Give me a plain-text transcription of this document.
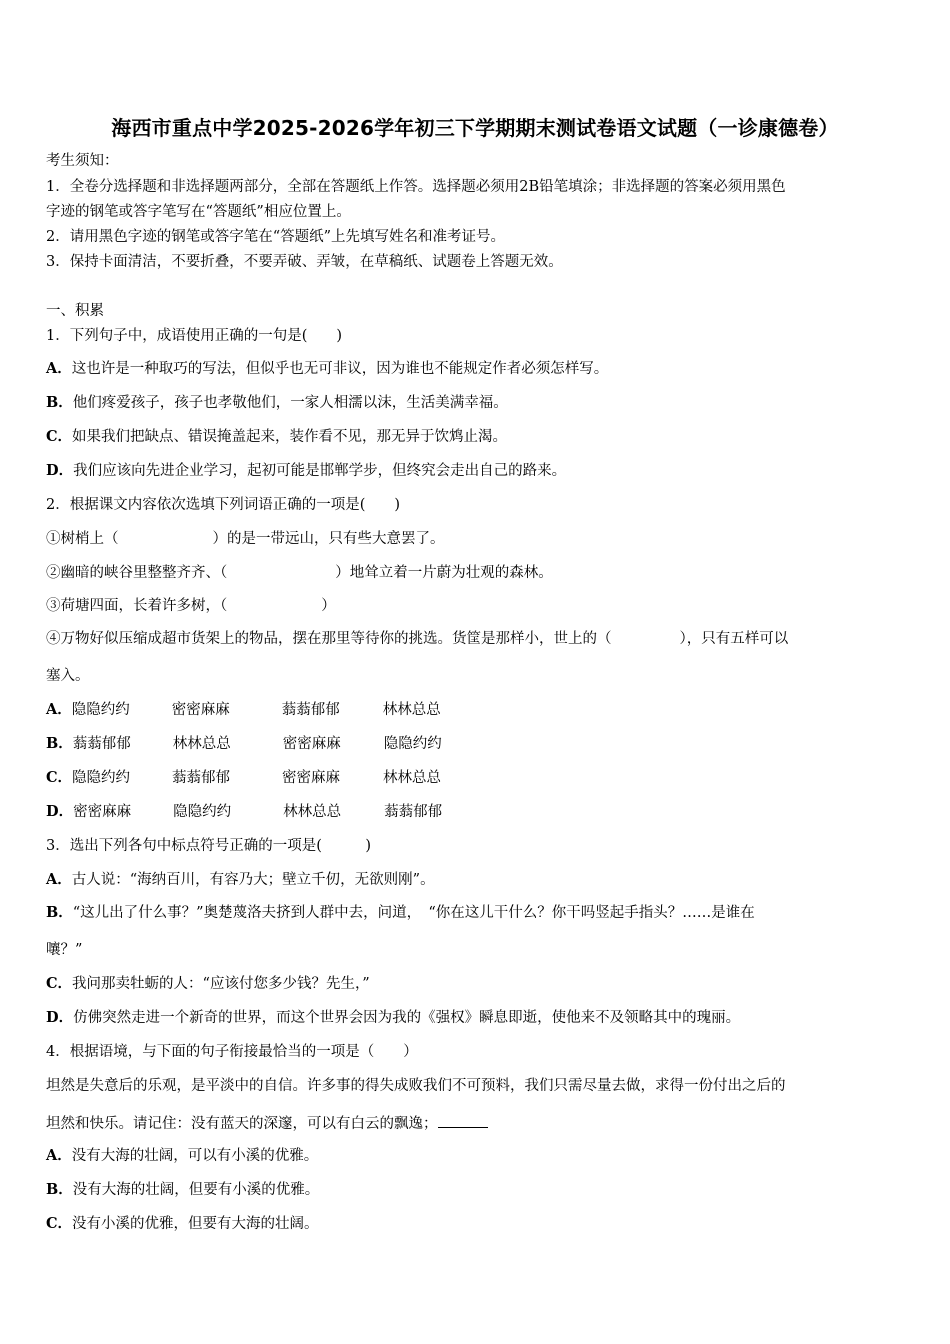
海西市重点中学2025-2026学年初三下学期期末测试卷语文试题（一诊康德卷）
考生须知：
1．全卷分选择题和非选择题两部分，全部在答题纸上作答。选择题必须用2B铅笔填涂；非选择题的答案必须用黑色
字迹的钢笔或答字笔写在“答题纸”相应位置上。
2．请用黑色字迹的钢笔或答字笔在“答题纸”上先填写姓名和准考证号。
3．保持卡面清洁，不要折叠，不要弄破、弄皱，在草稿纸、试题卷上答题无效。
一、积累
1．下列句子中，成语使用正确的一句是(　　)
A．这也许是一种取巧的写法，但似乎也无可非议，因为谁也不能规定作者必须怎样写。
B．他们疼爱孩子，孩子也孝敬他们，一家人相濡以沫，生活美满幸福。
C．如果我们把缺点、错误掩盖起来，装作看不见，那无异于饮鸩止渴。
D．我们应该向先进企业学习，起初可能是邯郸学步，但终究会走出自己的路来。
2．根据课文内容依次选填下列词语正确的一项是(　　)
①树梢上（	）的是一带远山，只有些大意罢了。
②幽暗的峡谷里整整齐齐、（	）地耸立着一片蔚为壮观的森林。
③荷塘四面，长着许多树，（	）
④万物好似压缩成超市货架上的物品，摆在那里等待你的挑选。货筐是那样小，世上的（	），只有五样可以
塞入。
A．隐隐约约	密密麻麻	蓊蓊郁郁	林林总总
B．蓊蓊郁郁	林林总总	密密麻麻	隐隐约约
C．隐隐约约	蓊蓊郁郁	密密麻麻	林林总总
D．密密麻麻	隐隐约约	林林总总	蓊蓊郁郁
3．选出下列各句中标点符号正确的一项是(　　　)
A．古人说：“海纳百川，有容乃大；壁立千仞，无欲则刚”。
B．“这儿出了什么事？”奥楚蔑洛夫挤到人群中去，问道，　“你在这儿干什么？你干吗竖起手指头？……是谁在
嚷？”
C．我问那卖牡蛎的人：“应该付您多少钱？先生，”
D．仿佛突然走进一个新奇的世界，而这个世界会因为我的《强权》瞬息即逝，使他来不及领略其中的瑰丽。
4．根据语境，与下面的句子衔接最恰当的一项是（　　）
坦然是失意后的乐观，是平淡中的自信。许多事的得失成败我们不可预料，我们只需尽量去做，求得一份付出之后的
坦然和快乐。请记住：没有蓝天的深邃，可以有白云的飘逸；
A．没有大海的壮阔，可以有小溪的优雅。
B．没有大海的壮阔，但要有小溪的优雅。
C．没有小溪的优雅，但要有大海的壮阔。
